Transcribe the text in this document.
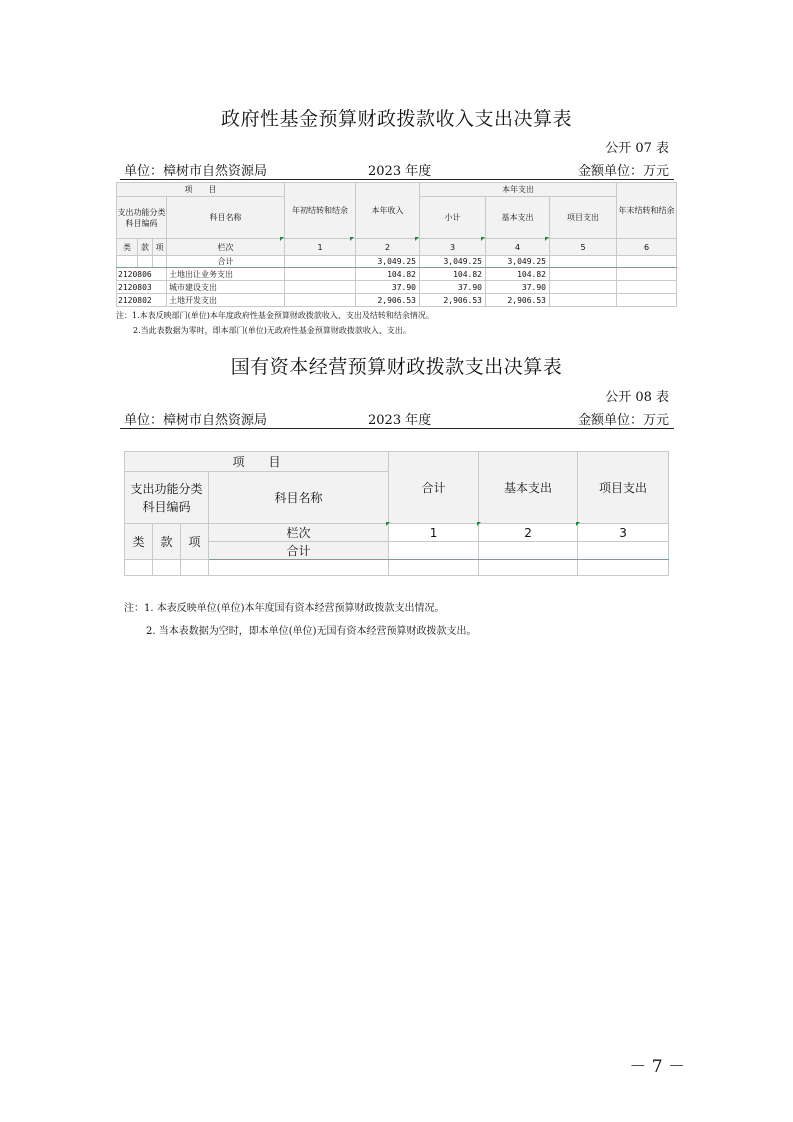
政府性基金预算财政拨款收入支出决算表
公开 07 表
单位：樟树市自然资源局	2023 年度	金额单位：万元
项　　目				年初结转和结余	本年收入	本年支出			年末结转和结余
支出功能分类科目编码			科目名称			小计	基本支出	项目支出	
类	款	项	栏次	1	2	3	4	5	6
			合计		3,049.25	3,049.25	3,049.25		
2120806			土地出让业务支出		104.82	104.82	104.82		
2120803			城市建设支出		37.90	37.90	37.90		
2120802			土地开发支出		2,906.53	2,906.53	2,906.53		
注：1.本表反映部门(单位)本年度政府性基金预算财政拨款收入、支出及结转和结余情况。
2.当此表数据为零时，即本部门(单位)无政府性基金预算财政拨款收入、支出。
国有资本经营预算财政拨款支出决算表
公开 08 表
单位：樟树市自然资源局	2023 年度	金额单位：万元
项　　目				合计	基本支出	项目支出

支出功能分类
科目编码			科目名称			
类	款	项	栏次	1	2	3
			合计			

注：1. 本表反映单位(单位)本年度国有资本经营预算财政拨款支出情况。
2. 当本表数据为空时，即本单位(单位)无国有资本经营预算财政拨款支出。
－ 7 －
